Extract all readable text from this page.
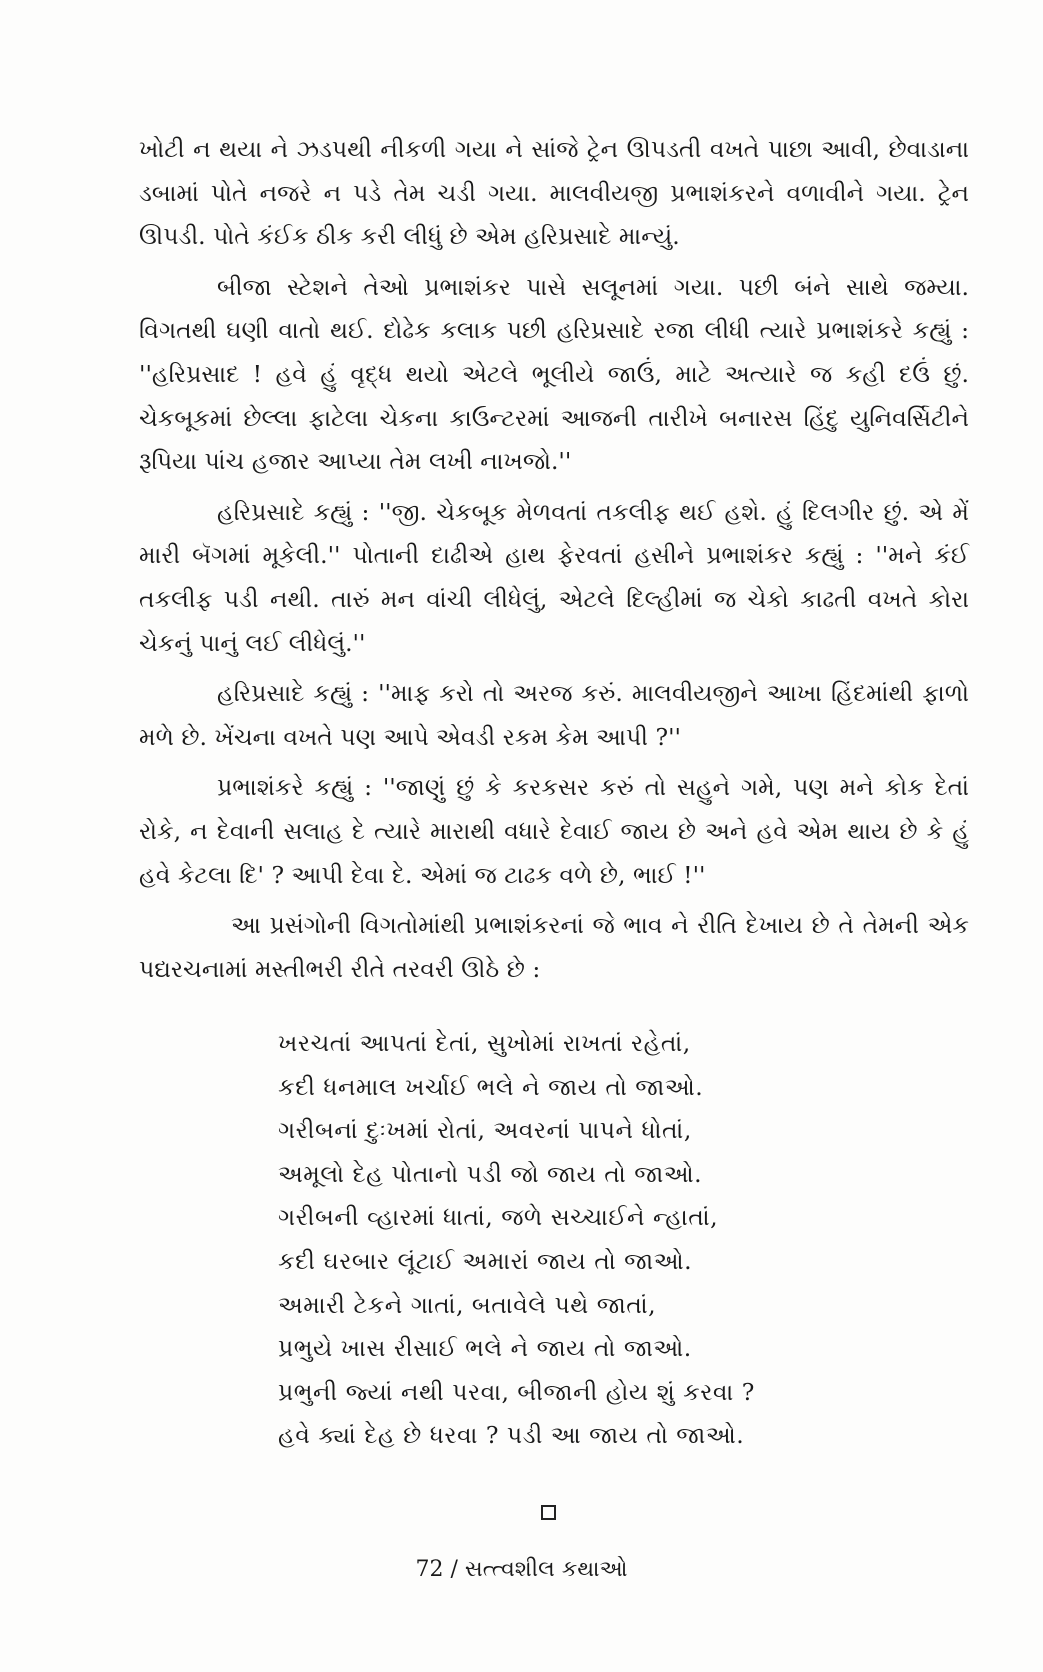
ખોટી ન થયા ને ઝડપથી નીકળી ગયા ને સાંજે ટ્રેન ઊપડતી વખતે પાછા આવી, છેવાડાના ડબામાં પોતે નજરે ન પડે તેમ ચડી ગયા. માલવીયજી પ્રભાશંકરને વળાવીને ગયા. ટ્રેન ઊપડી. પોતે કંઈક ઠીક કરી લીધું છે એમ હરિપ્રસાદે માન્યું.
બીજા સ્ટેશને તેઓ પ્રભાશંકર પાસે સલૂનમાં ગયા. પછી બંને સાથે જમ્યા. વિગતથી ઘણી વાતો થઈ. દોઢેક કલાક પછી હરિપ્રસાદે રજા લીધી ત્યારે પ્રભાશંકરે કહ્યું : ''હરિપ્રસાદ ! હવે હું વૃદ્ધ થયો એટલે ભૂલીયે જાઉં, માટે અત્યારે જ કહી દઉં છું. ચેકબૂકમાં છેલ્લા ફાટેલા ચેકના કાઉન્ટરમાં આજની તારીખે બનારસ હિંદુ યુનિવર્સિટીને રૂપિયા પાંચ હજાર આપ્યા તેમ લખી નાખજો.''
હરિપ્રસાદે કહ્યું : ''જી. ચેકબૂક મેળવતાં તકલીફ થઈ હશે. હું દિલગીર છું. એ મેં મારી બૅગમાં મૂકેલી.'' પોતાની દાઢીએ હાથ ફેરવતાં હસીને પ્રભાશંકર કહ્યું : ''મને કંઈ તકલીફ પડી નથી. તારું મન વાંચી લીધેલું, એટલે દિલ્હીમાં જ ચેકો કાઢતી વખતે કોરા ચેકનું પાનું લઈ લીધેલું.''
હરિપ્રસાદે કહ્યું : ''માફ કરો તો અરજ કરું. માલવીયજીને આખા હિંદમાંથી ફાળો મળે છે. ખેંચના વખતે પણ આપે એવડી રકમ કેમ આપી ?''
પ્રભાશંકરે કહ્યું : ''જાણું છું કે કરકસર કરું તો સહુને ગમે, પણ મને કોક દેતાં રોકે, ન દેવાની સલાહ દે ત્યારે મારાથી વધારે દેવાઈ જાય છે અને હવે એમ થાય છે કે હું હવે કેટલા દિ' ? આપી દેવા દે. એમાં જ ટાઢક વળે છે, ભાઈ !''
આ પ્રસંગોની વિગતોમાંથી પ્રભાશંકરનાં જે ભાવ ને રીતિ દેખાય છે તે તેમની એક પદ્યરચનામાં મસ્તીભરી રીતે તરવરી ઊઠે છે :
ખરચતાં આપતાં દેતાં, સુખોમાં રાખતાં રહેતાં,
કદી ધનમાલ ખર્ચાઈ ભલે ને જાય તો જાઓ.
ગરીબનાં દુઃખમાં રોતાં, અવરનાં પાપને ધોતાં,
અમૂલો દેહ પોતાનો પડી જો જાય તો જાઓ.
ગરીબની વ્હારમાં ધાતાં, જળે સચ્ચાઈને ન્હાતાં,
કદી ઘરબાર લૂંટાઈ અમારાં જાય તો જાઓ.
અમારી ટેકને ગાતાં, બતાવેલે પથે જાતાં,
પ્રભુયે ખાસ રીસાઈ ભલે ને જાય તો જાઓ.
પ્રભુની જ્યાં નથી પરવા, બીજાની હોય શું કરવા ?
હવે ક્યાં દેહ છે ધરવા ? પડી આ જાય તો જાઓ.
72 / સત્ત્વશીલ કથાઓ
